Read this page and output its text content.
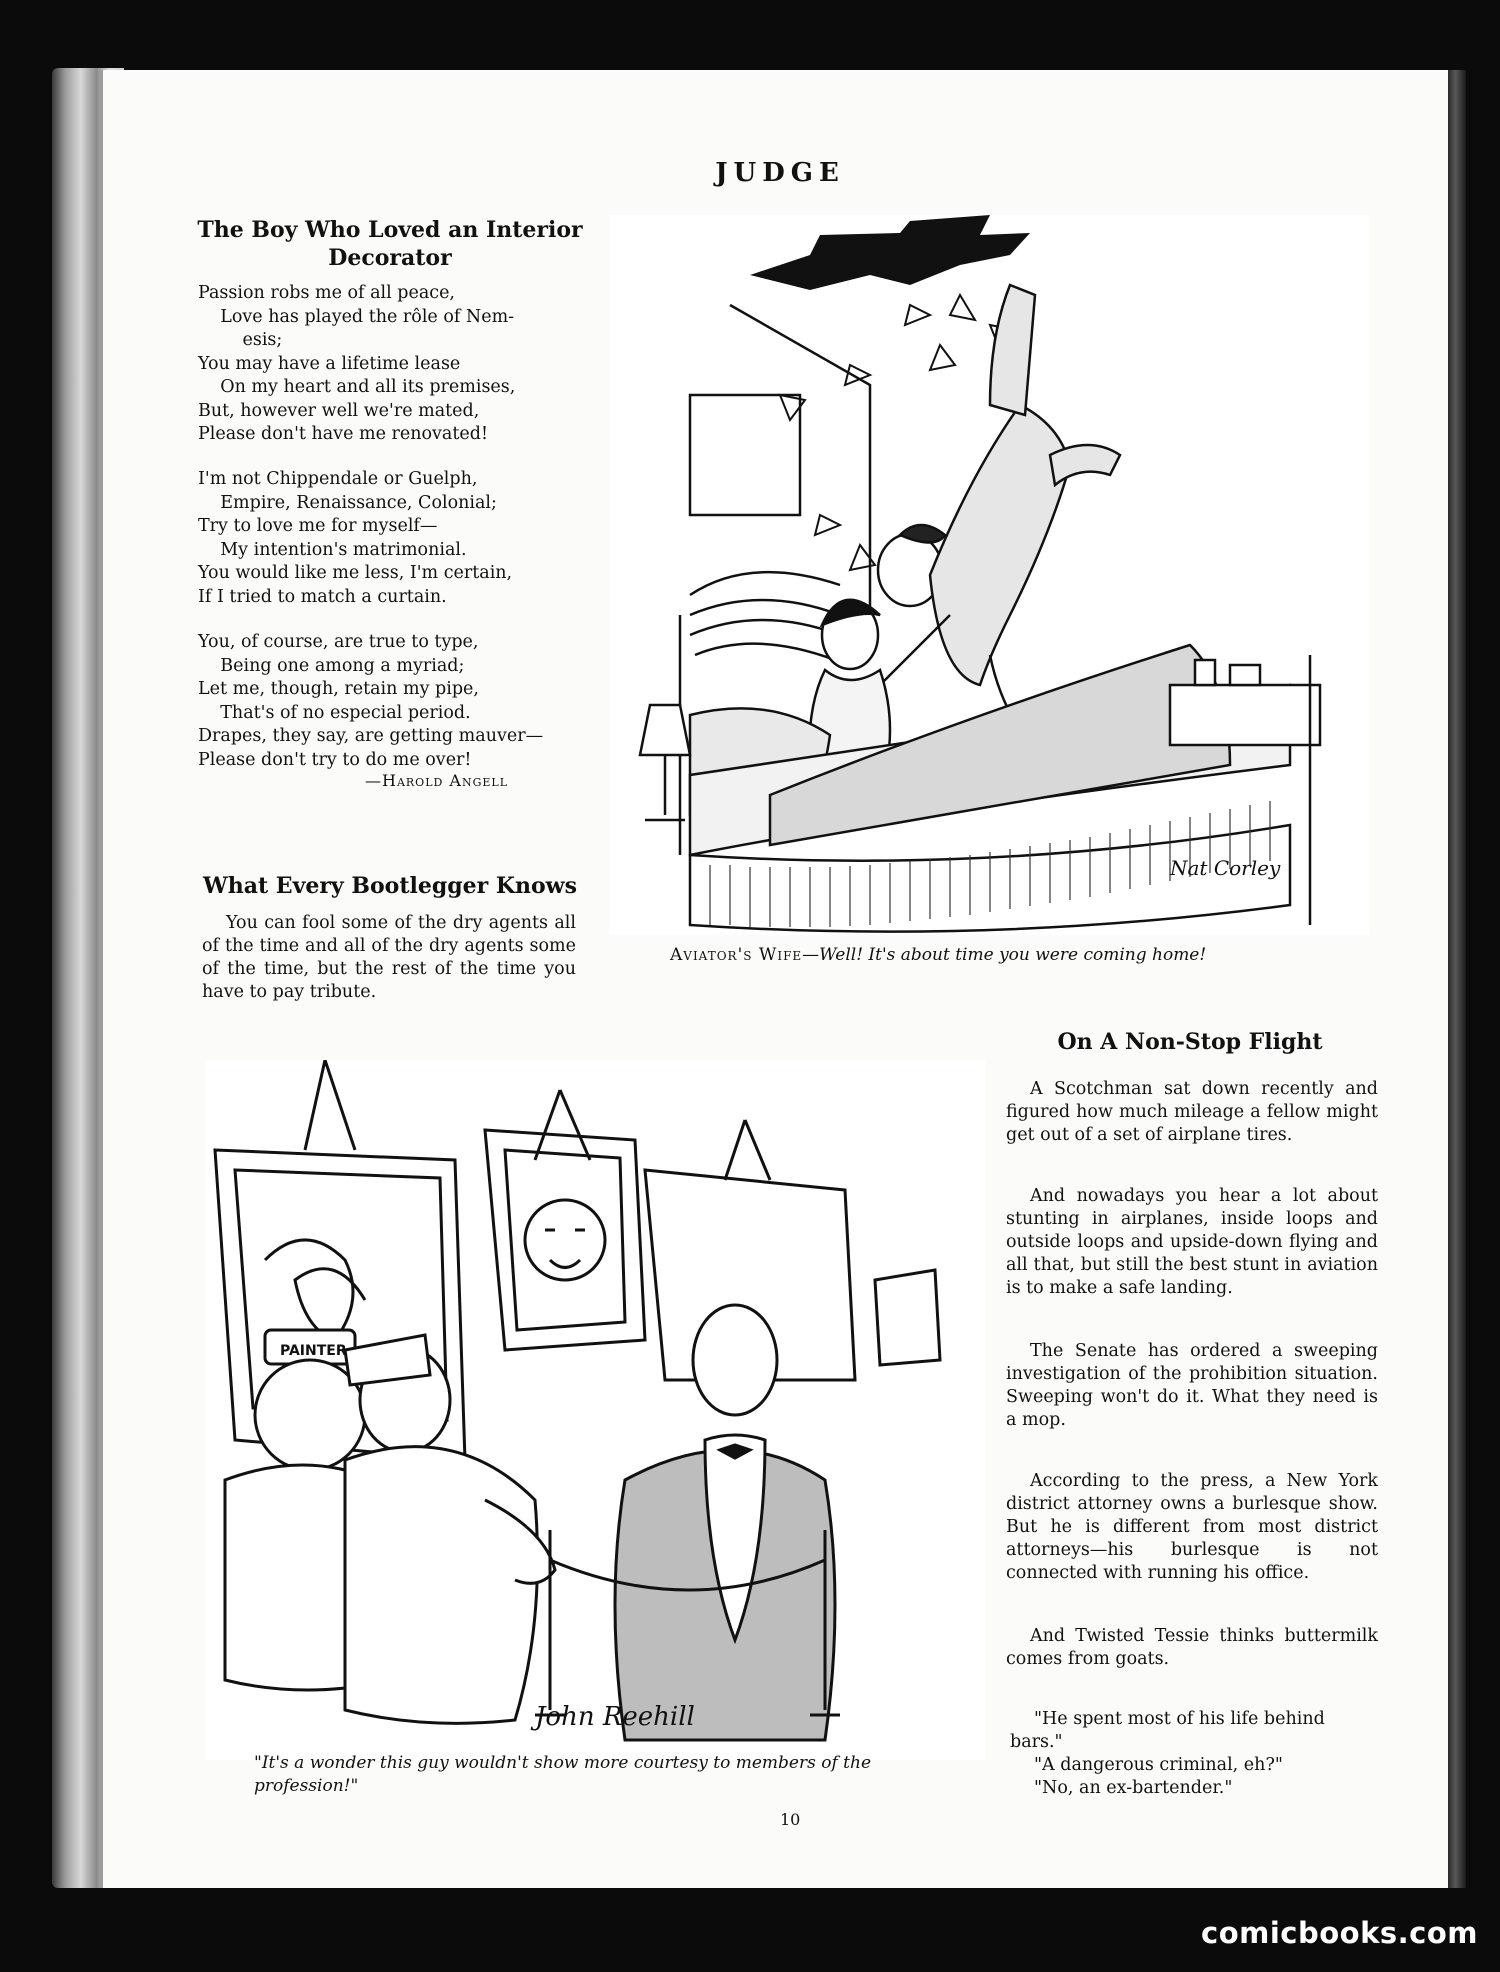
JUDGE
The Boy Who Loved an Interior
Decorator
Passion robs me of all peace,
Love has played the rôle of Nem-
esis;
You may have a lifetime lease
On my heart and all its premises,
But, however well we're mated,
Please don't have me renovated!
I'm not Chippendale or Guelph,
Empire, Renaissance, Colonial;
Try to love me for myself—
My intention's matrimonial.
You would like me less, I'm certain,
If I tried to match a curtain.
You, of course, are true to type,
Being one among a myriad;
Let me, though, retain my pipe,
That's of no especial period.
Drapes, they say, are getting mauver—
Please don't try to do me over!
—Harold Angell
What Every Bootlegger Knows

You can fool some of the dry agents all of the time and all of the dry agents some of the time, but the rest of the time you have to pay tribute.

Nat Corley
Aviator's Wife—Well! It's about time you were coming home!
On A Non-Stop Flight

A Scotchman sat down recently and figured how much mileage a fellow might get out of a set of airplane tires.

And nowadays you hear a lot about stunting in airplanes, inside loops and outside loops and upside-down flying and all that, but still the best stunt in aviation is to make a safe landing.

The Senate has ordered a sweeping investigation of the prohibition situation. Sweeping won't do it. What they need is a mop.

According to the press, a New York district attorney owns a burlesque show. But he is different from most district attorneys—his burlesque is not connected with running his office.

And Twisted Tessie thinks buttermilk comes from goats.

"He spent most of his life behind bars."

"A dangerous criminal, eh?"

"No, an ex-bartender."

PAINTER
John Reehill
"It's a wonder this guy wouldn't show more courtesy to members of the profession!"
10
comicbooks.com
